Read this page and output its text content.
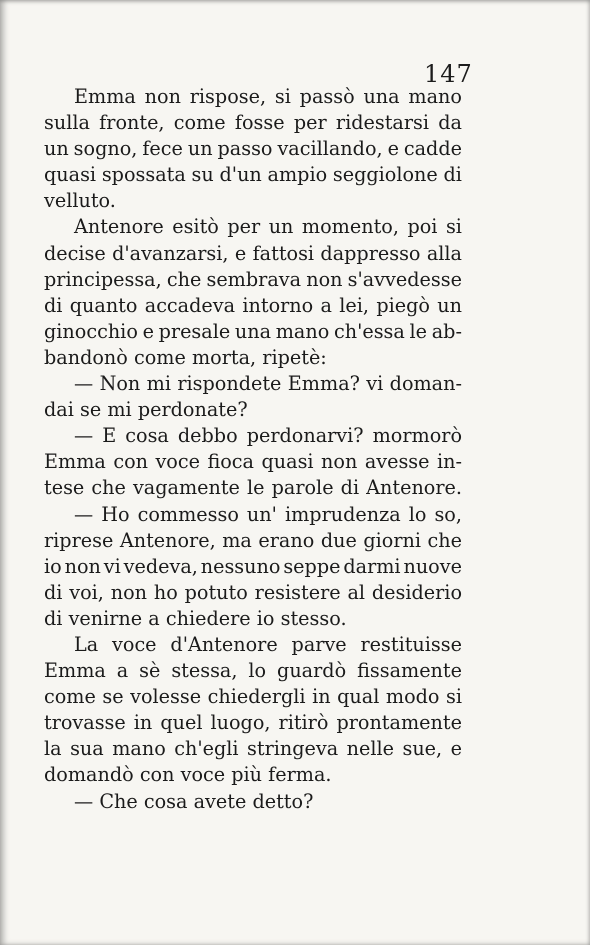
147
Emma non rispose, si passò una mano
sulla fronte, come fosse per ridestarsi da
un sogno, fece un passo vacillando, e cadde
quasi spossata su d'un ampio seggiolone di
velluto.
Antenore esitò per un momento, poi si
decise d'avanzarsi, e fattosi dappresso alla
principessa, che sembrava non s'avvedesse
di quanto accadeva intorno a lei, piegò un
ginocchio e presale una mano ch'essa le ab-
bandonò come morta, ripetè:
— Non mi rispondete Emma? vi doman-
dai se mi perdonate?
— E cosa debbo perdonarvi? mormorò
Emma con voce fioca quasi non avesse in-
tese che vagamente le parole di Antenore.
— Ho commesso un' imprudenza lo so,
riprese Antenore, ma erano due giorni che
io non vi vedeva, nessuno seppe darmi nuove
di voi, non ho potuto resistere al desiderio
di venirne a chiedere io stesso.
La voce d'Antenore parve restituisse
Emma a sè stessa, lo guardò fissamente
come se volesse chiedergli in qual modo si
trovasse in quel luogo, ritirò prontamente
la sua mano ch'egli stringeva nelle sue, e
domandò con voce più ferma.
— Che cosa avete detto?
